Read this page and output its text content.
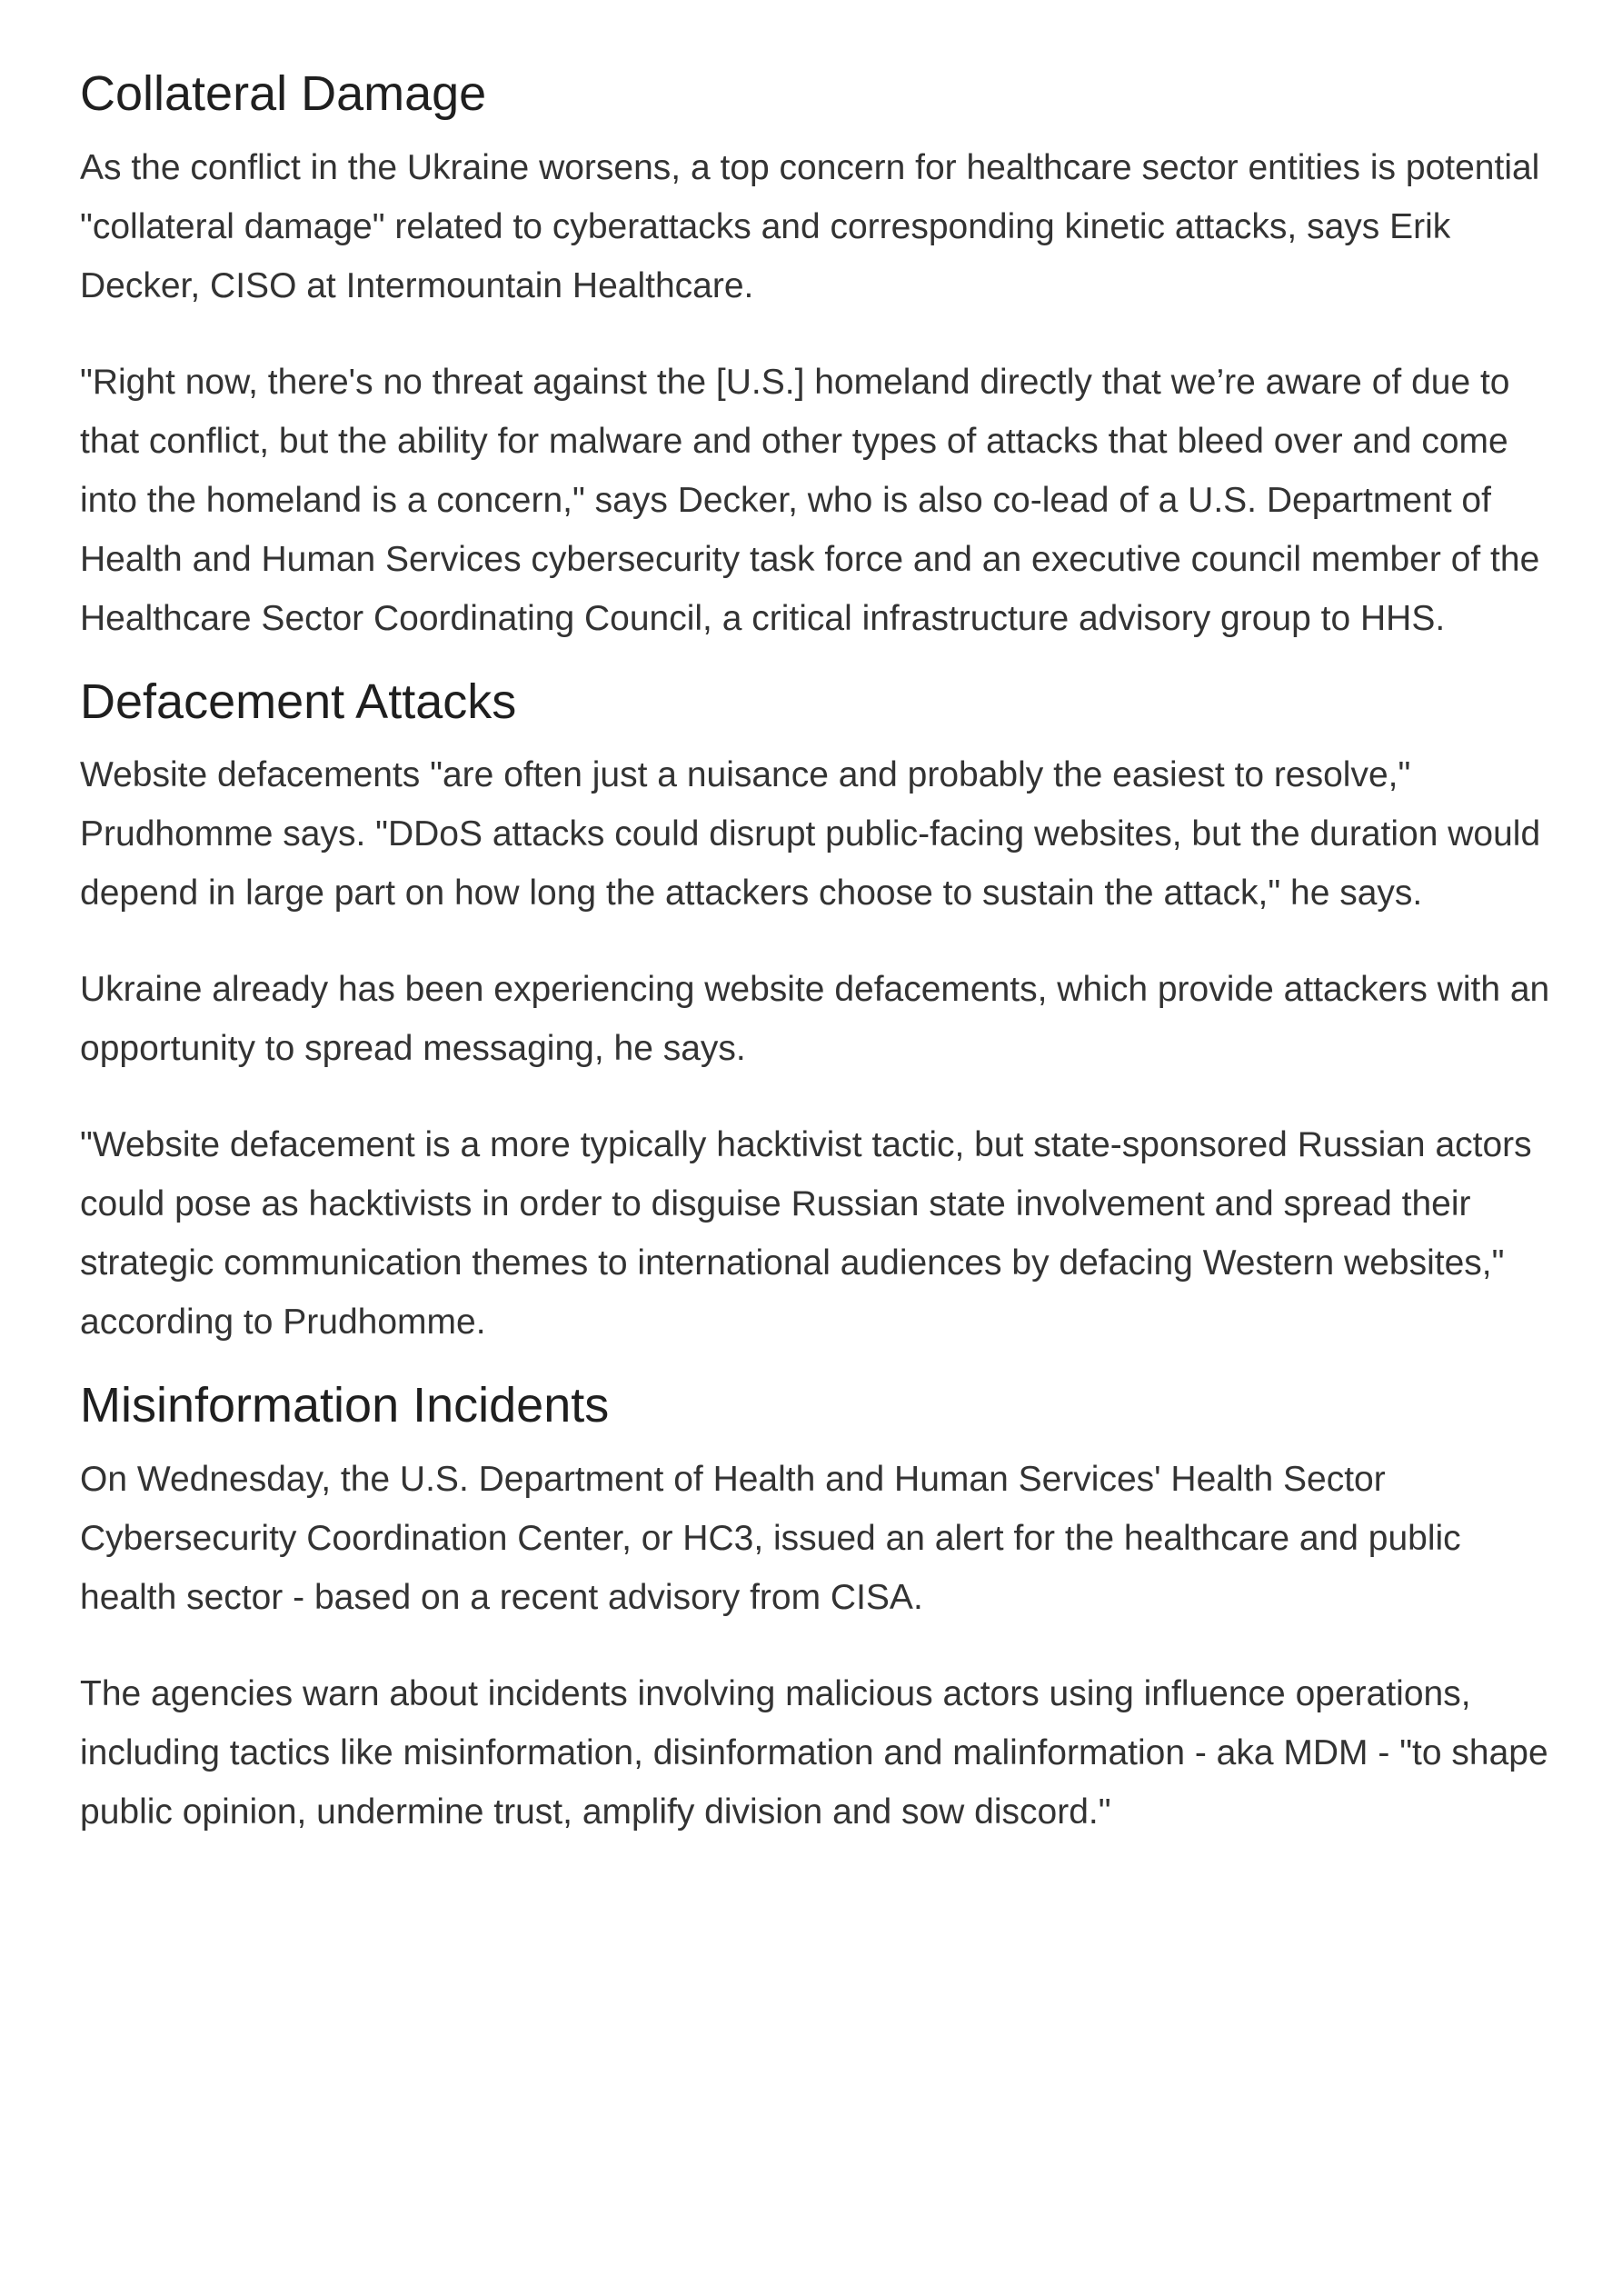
Collateral Damage

As the conflict in the Ukraine worsens, a top concern for healthcare sector entities is potential "collateral damage" related to cyberattacks and corresponding kinetic attacks, says Erik Decker, CISO at Intermountain Healthcare.

"Right now, there's no threat against the [U.S.] homeland directly that we’re aware of due to that conflict, but the ability for malware and other types of attacks that bleed over and come into the homeland is a concern," says Decker, who is also co-lead of a U.S. Department of Health and Human Services cybersecurity task force and an executive council member of the Healthcare Sector Coordinating Council, a critical infrastructure advisory group to HHS.

Defacement Attacks

Website defacements "are often just a nuisance and probably the easiest to resolve," Prudhomme says. "DDoS attacks could disrupt public-facing websites, but the duration would depend in large part on how long the attackers choose to sustain the attack," he says.

Ukraine already has been experiencing website defacements, which provide attackers with an opportunity to spread messaging, he says.

"Website defacement is a more typically hacktivist tactic, but state-sponsored Russian actors could pose as hacktivists in order to disguise Russian state involvement and spread their strategic communication themes to international audiences by defacing Western websites," according to Prudhomme.

Misinformation Incidents

On Wednesday, the U.S. Department of Health and Human Services' Health Sector Cybersecurity Coordination Center, or HC3, issued an alert for the healthcare and public health sector - based on a recent advisory from CISA.

The agencies warn about incidents involving malicious actors using influence operations, including tactics like misinformation, disinformation and malinformation - aka MDM - "to shape public opinion, undermine trust, amplify division and sow discord."
